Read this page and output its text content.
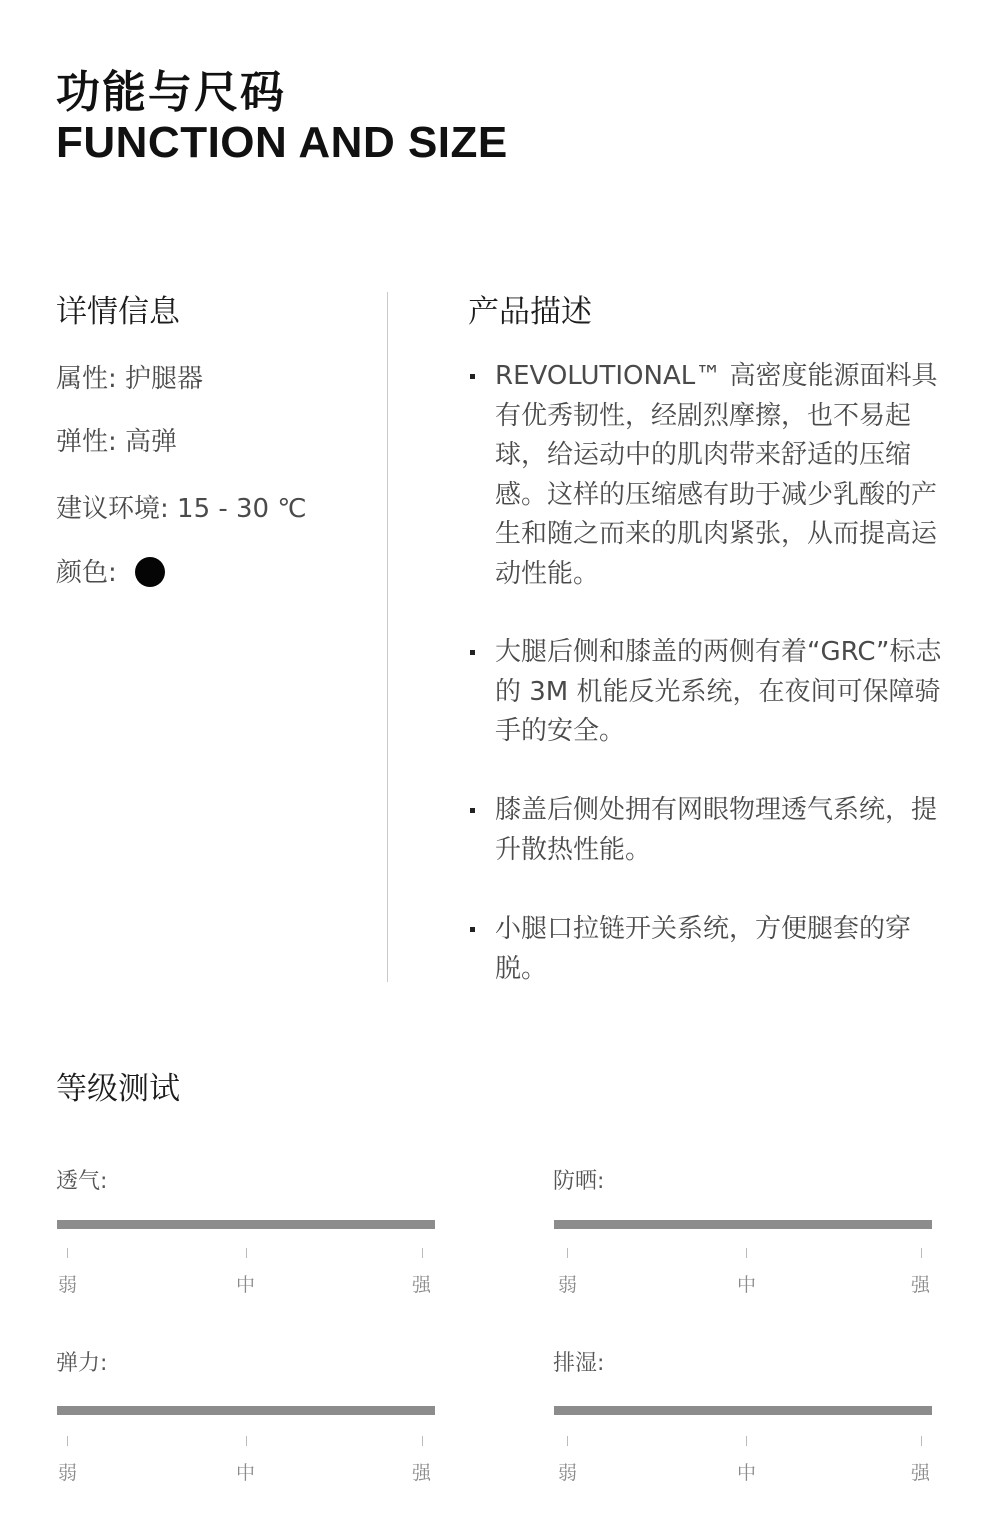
功能与尺码
FUNCTION AND SIZE
详情信息
属性: 护腿器
弹性: 高弹
建议环境: 15 - 30 ℃
颜色:
产品描述
REVOLUTIONAL™ 高密度能源面料具有优秀韧性，经剧烈摩擦，也不易起球，给运动中的肌肉带来舒适的压缩感。这样的压缩感有助于减少乳酸的产生和随之而来的肌肉紧张，从而提高运动性能。
大腿后侧和膝盖的两侧有着“GRC”标志的 3M 机能反光系统，在夜间可保障骑手的安全。
膝盖后侧处拥有网眼物理透气系统，提升散热性能。
小腿口拉链开关系统，方便腿套的穿脱。
等级测试
透气:
弱	中	强
防晒:
弱	中	强
弹力:
弱	中	强
排湿:
弱	中	强
